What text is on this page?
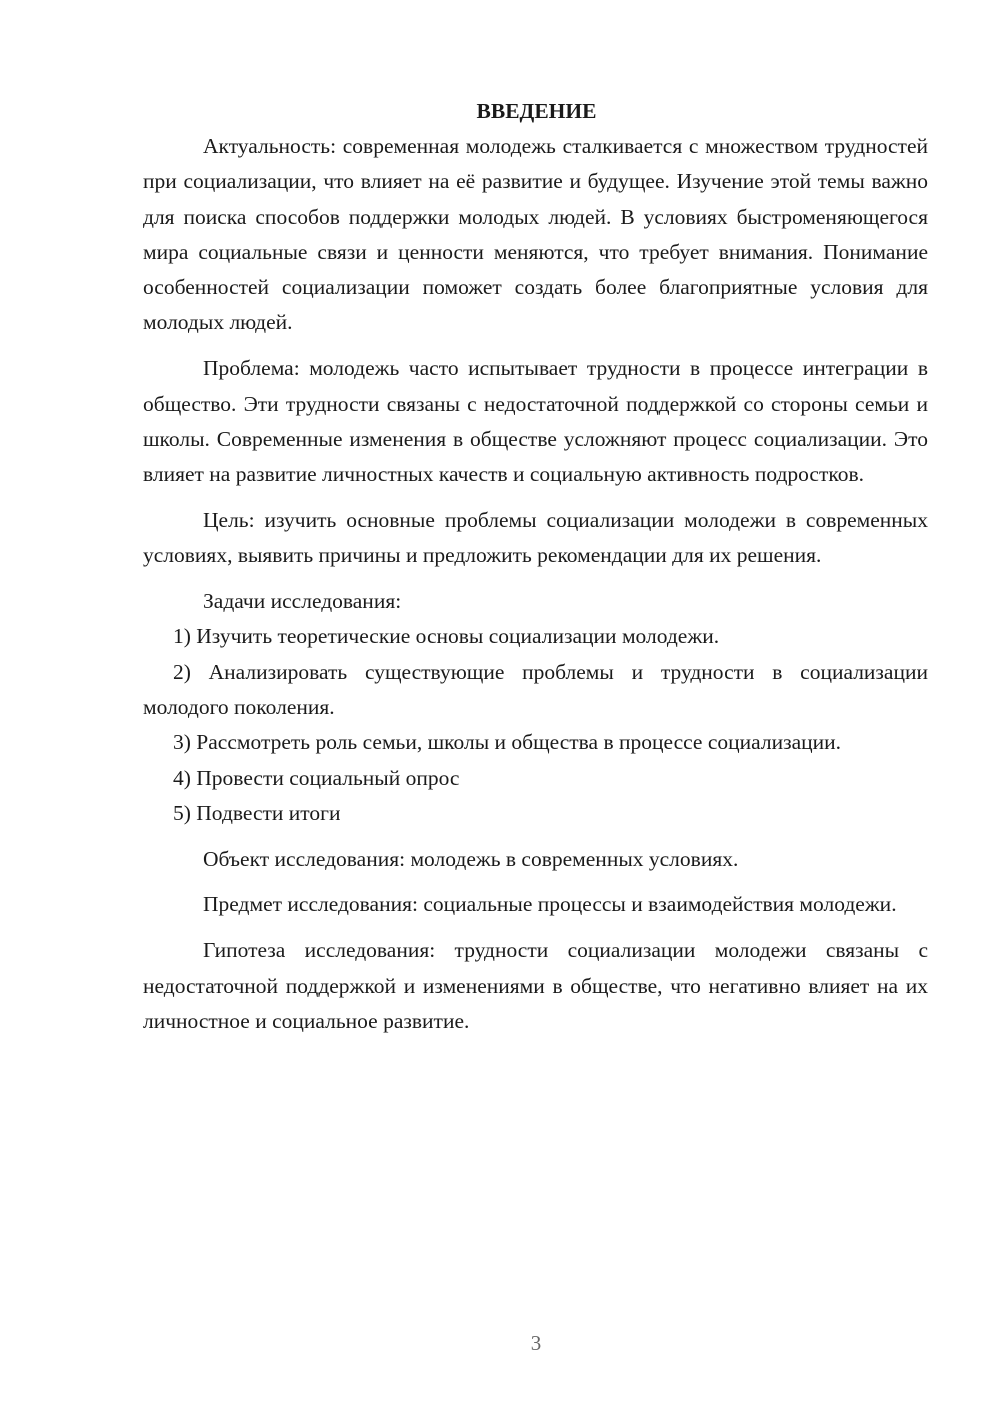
ВВЕДЕНИЕ

Актуальность: современная молодежь сталкивается с множеством трудностей при социализации, что влияет на её развитие и будущее. Изучение этой темы важно для поиска способов поддержки молодых людей. В условиях быстроменяющегося мира социальные связи и ценности меняются, что требует внимания. Понимание особенностей социализации поможет создать более благоприятные условия для молодых людей.

Проблема: молодежь часто испытывает трудности в процессе интеграции в общество. Эти трудности связаны с недостаточной поддержкой со стороны семьи и школы. Современные изменения в обществе усложняют процесс социализации. Это влияет на развитие личностных качеств и социальную активность подростков.

Цель: изучить основные проблемы социализации молодежи в современных условиях, выявить причины и предложить рекомендации для их решения.

Задачи исследования:

1) Изучить теоретические основы социализации молодежи.

2) Анализировать существующие проблемы и трудности в социализации молодого поколения.

3) Рассмотреть роль семьи, школы и общества в процессе социализации.

4) Провести социальный опрос

5) Подвести итоги

Объект исследования: молодежь в современных условиях.

Предмет исследования: социальные процессы и взаимодействия молодежи.

Гипотеза исследования: трудности социализации молодежи связаны с недостаточной поддержкой и изменениями в обществе, что негативно влияет на их личностное и социальное развитие.

3
